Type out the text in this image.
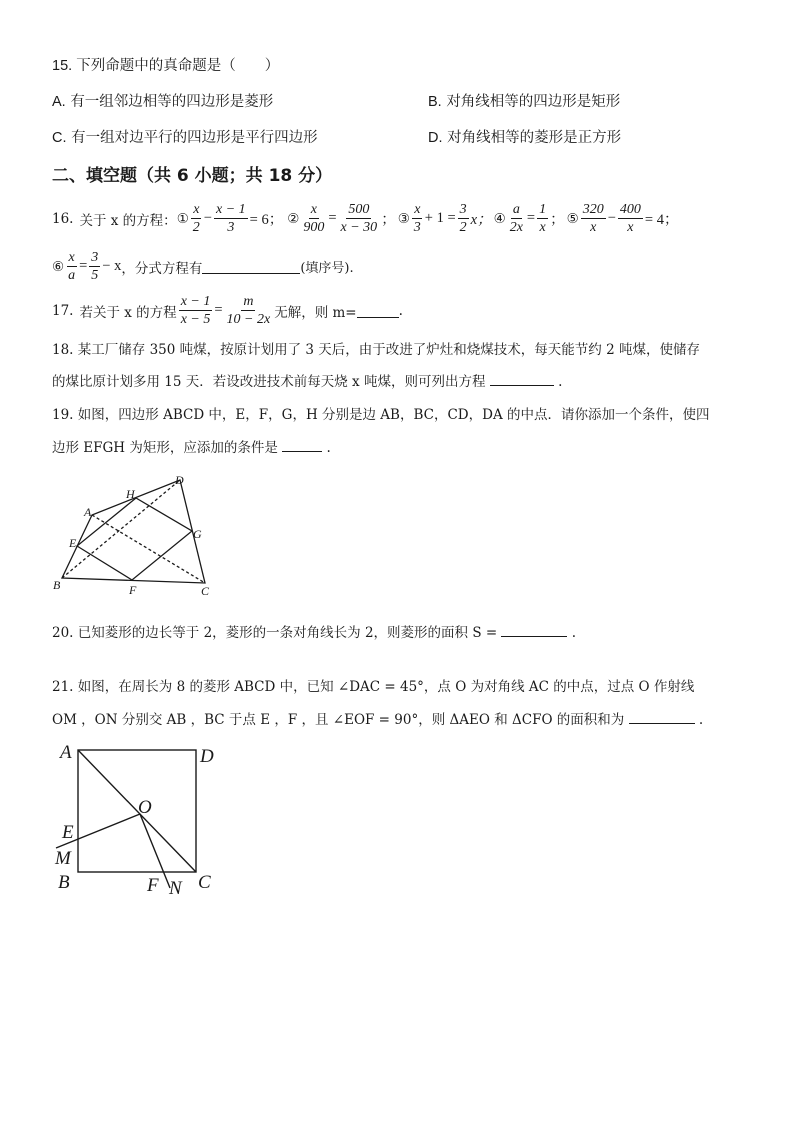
15. 下列命题中的真命题是（　　）
A. 有一组邻边相等的四边形是菱形	B. 对角线相等的四边形是矩形
C. 有一组对边平行的四边形是平行四边形	D. 对角线相等的菱形是正方形
二、填空题（共 6 小题；共 18 分）
16. 关于 x 的方程： ① $\frac{x}{2} - \frac{x - 1}{3} = 6$； ② $\frac{x}{900} = \frac{500}{x - 30}$ ； ③ $\frac{x}{3} + 1 = \frac{3}{2}$ x； ④ $\frac{a}{2x} = \frac{1}{x}$ ； ⑤ $\frac{320}{x} - \frac{400}{x} = 4$；
⑥ $\frac{x}{a} = \frac{3}{5} - x$ ，分式方程有	(填序号).
17. 若关于 x 的方程 $\frac{x - 1}{x - 5} = \frac{m}{10 - 2x}$ 无解，则 m=	.
18. 某工厂储存 350 吨煤，按原计划用了 3 天后，由于改进了炉灶和烧煤技术，每天能节约 2 吨煤，使储存
的煤比原计划多用 15 天．若设改进技术前每天烧 x 吨煤，则可列出方程	.
19. 如图，四边形 ABCD 中，E，F，G，H 分别是边 AB，BC，CD，DA 的中点．请你添加一个条件，使四
边形 EFGH 为矩形，应添加的条件是	.
A
B	C
D
E
F
G
H
20. 已知菱形的边长等于 2，菱形的一条对角线长为 2，则菱形的面积 S =	.
21. 如图，在周长为 8 的菱形 ABCD 中，已知 ∠DAC = 45°，点 O 为对角线 AC 的中点，过点 O 作射线
OM ，ON 分别交 AB ，BC 于点 E ，F ，且 ∠EOF = 90°，则 ΔAEO 和 ΔCFO 的面积和为	.
A
B	C
D
O
E
M
F N
